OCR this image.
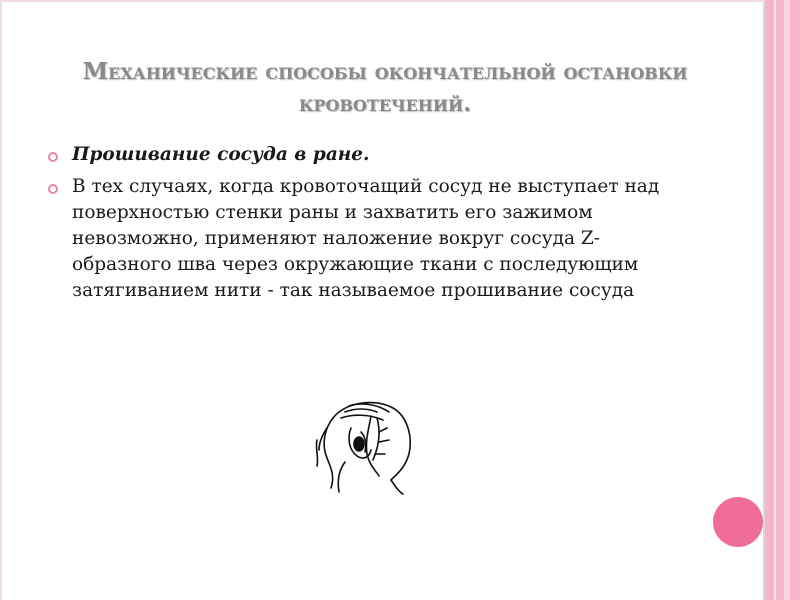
Механические способы окончательной остановки кровотечений.
Прошивание сосуда в ране.
В тех случаях, когда кровоточащий сосуд не выступает над поверхностью стенки раны и захватить его зажимом невозможно, применяют наложение вокруг сосуда Z-образного шва через окружающие ткани с последующим затягиванием нити - так называемое прошивание сосуда
